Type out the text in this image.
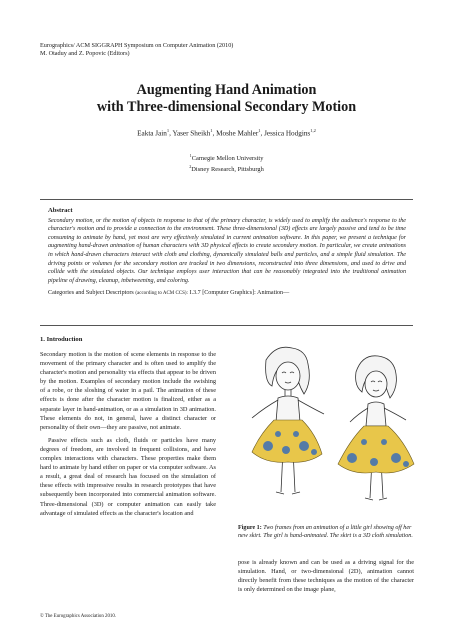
Eurographics/ ACM SIGGRAPH Symposium on Computer Animation (2010)
M. Otaduy and Z. Popovic (Editors)
Augmenting Hand Animation
with Three-dimensional Secondary Motion
Eakta Jain$^1$, Yaser Sheikh$^1$, Moshe Mahler$^1$, Jessica Hodgins$^{1,2}$
$^1$Carnegie Mellon University
$^2$Disney Research, Pittsburgh
Abstract
Secondary motion, or the motion of objects in response to that of the primary character, is widely used to amplify the audience's response to the character's motion and to provide a connection to the environment. These three-dimensional (3D) effects are largely passive and tend to be time consuming to animate by hand, yet most are very effectively simulated in current animation software. In this paper, we present a technique for augmenting hand-drawn animation of human characters with 3D physical effects to create secondary motion. In particular, we create animations in which hand-drawn characters interact with cloth and clothing, dynamically simulated balls and particles, and a simple fluid simulation. The driving points or volumes for the secondary motion are tracked in two dimensions, reconstructed into three dimensions, and used to drive and collide with the simulated objects. Our technique employs user interaction that can be reasonably integrated into the traditional animation pipeline of drawing, cleanup, inbetweening, and coloring.
Categories and Subject Descriptors (according to ACM CCS): I.3.7 [Computer Graphics]: Animation—
1. Introduction

Secondary motion is the motion of scene elements in response to the movement of the primary character and is often used to amplify the character's motion and personality via effects that appear to be driven by the motion. Examples of secondary motion include the swishing of a robe, or the sloshing of water in a pail. The animation of these effects is done after the character motion is finalized, either as a separate layer in hand-animation, or as a simulation in 3D animation. These elements do not, in general, have a distinct character or personality of their own—they are passive, not animate.

Passive effects such as cloth, fluids or particles have many degrees of freedom, are involved in frequent collisions, and have complex interactions with characters. These properties make them hard to animate by hand either on paper or via computer software. As a result, a great deal of research has focused on the simulation of these effects with impressive results in research prototypes that have subsequently been incorporated into commercial animation software. Three-dimensional (3D) or computer animation can easily take advantage of simulated effects as the character's location and

Figure 1: Two frames from an animation of a little girl showing off her new skirt. The girl is hand-animated. The skirt is a 3D cloth simulation.

pose is already known and can be used as a driving signal for the simulation. Hand, or two-dimensional (2D), animation cannot directly benefit from these techniques as the motion of the character is only determined on the image plane,

© The Eurographics Association 2010.
